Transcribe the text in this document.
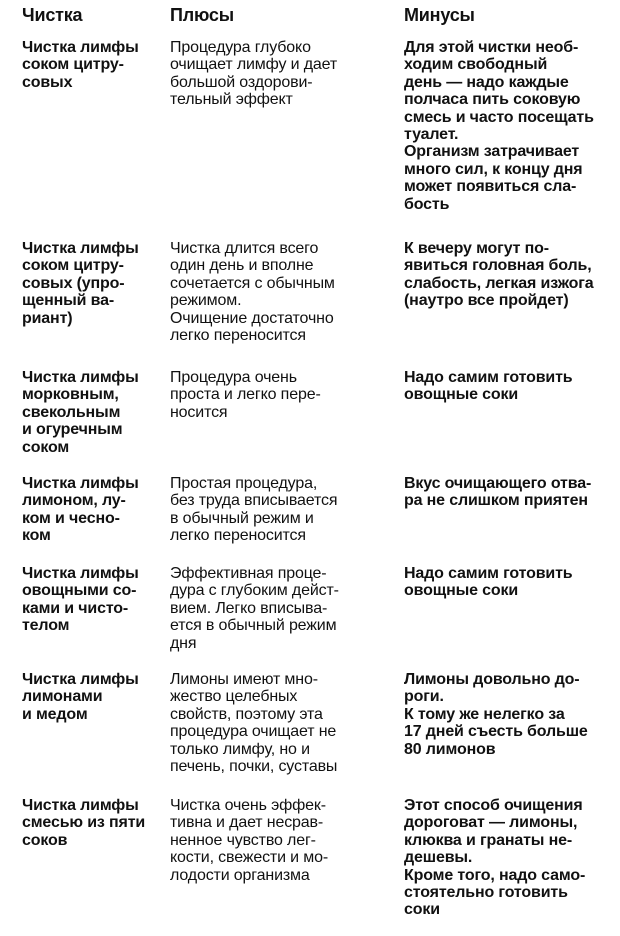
Чистка	Плюсы	Минусы
Чистка лимфы
соком цитру-
совых
Процедура глубоко
очищает лимфу и дает
большой оздорови-
тельный эффект
Для этой чистки необ-
ходим свободный
день — надо каждые
полчаса пить соковую
смесь и часто посещать
туалет.
Организм затрачивает
много сил, к концу дня
может появиться сла-
бость
Чистка лимфы
соком цитру-
совых (упро-
щенный ва-
риант)
Чистка длится всего
один день и вполне
сочетается с обычным
режимом.
Очищение достаточно
легко переносится
К вечеру могут по-
явиться головная боль,
слабость, легкая изжога
(наутро все пройдет)
Чистка лимфы
морковным,
свекольным
и огуречным
соком
Процедура очень
проста и легко пере-
носится
Надо самим готовить
овощные соки
Чистка лимфы
лимоном, лу-
ком и чесно-
ком
Простая процедура,
без труда вписывается
в обычный режим и
легко переносится
Вкус очищающего отва-
ра не слишком приятен
Чистка лимфы
овощными со-
ками и чисто-
телом
Эффективная проце-
дура с глубоким дейст-
вием. Легко вписыва-
ется в обычный режим
дня
Надо самим готовить
овощные соки
Чистка лимфы
лимонами
и медом
Лимоны имеют мно-
жество целебных
свойств, поэтому эта
процедура очищает не
только лимфу, но и
печень, почки, суставы
Лимоны довольно до-
роги.
К тому же нелегко за
17 дней съесть больше
80 лимонов
Чистка лимфы
смесью из пяти
соков
Чистка очень эффек-
тивна и дает несрав-
ненное чувство лег-
кости, свежести и мо-
лодости организма
Этот способ очищения
дороговат — лимоны,
клюква и гранаты не-
дешевы.
Кроме того, надо само-
стоятельно готовить
соки
